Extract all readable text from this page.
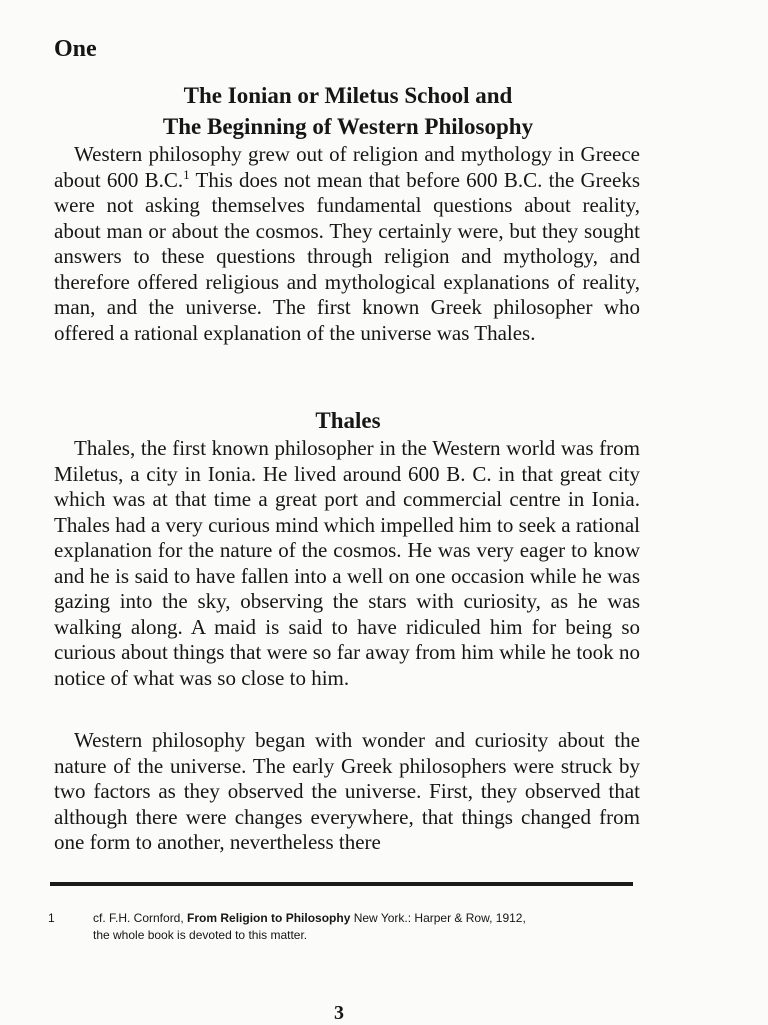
One
The Ionian or Miletus School and
The Beginning of Western Philosophy

Western philosophy grew out of religion and mythology in Greece about 600 B.C.$^1$ This does not mean that before 600 B.C. the Greeks were not asking themselves fundamental questions about reality, about man or about the cosmos. They certainly were, but they sought answers to these questions through religion and mythology, and therefore offered religious and mythological explanations of reality, man, and the universe. The first known Greek philosopher who offered a rational explanation of the universe was Thales.

Thales

Thales, the first known philosopher in the Western world was from Miletus, a city in Ionia. He lived around 600 B. C. in that great city which was at that time a great port and commercial centre in Ionia. Thales had a very curious mind which impelled him to seek a rational explanation for the nature of the cosmos. He was very eager to know and he is said to have fallen into a well on one occasion while he was gazing into the sky, observing the stars with curiosity, as he was walking along. A maid is said to have ridiculed him for being so curious about things that were so far away from him while he took no notice of what was so close to him.

Western philosophy began with wonder and curiosity about the nature of the universe. The early Greek philosophers were struck by two factors as they observed the universe. First, they observed that although there were changes everywhere, that things changed from one form to another, nevertheless there

1	cf. F.H. Cornford, From Religion to Philosophy New York.: Harper & Row, 1912,
the whole book is devoted to this matter.
3
